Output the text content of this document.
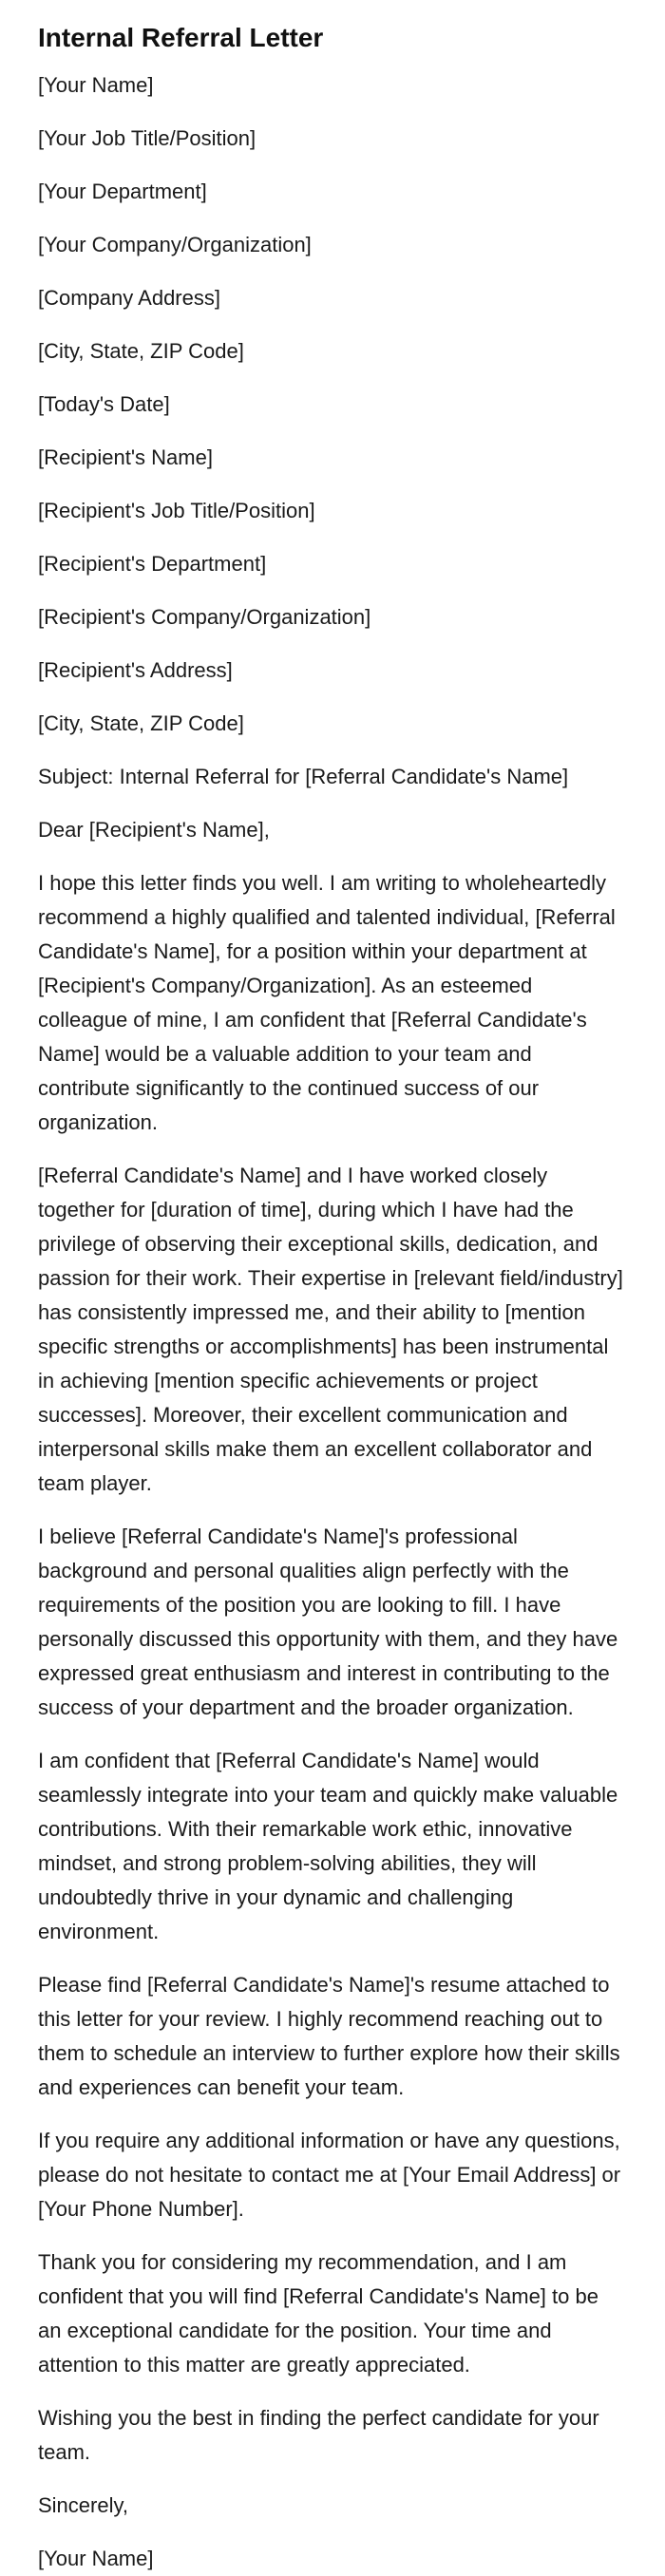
Internal Referral Letter

[Your Name]

[Your Job Title/Position]

[Your Department]

[Your Company/Organization]

[Company Address]

[City, State, ZIP Code]

[Today's Date]

[Recipient's Name]

[Recipient's Job Title/Position]

[Recipient's Department]

[Recipient's Company/Organization]

[Recipient's Address]

[City, State, ZIP Code]

Subject: Internal Referral for [Referral Candidate's Name]

Dear [Recipient's Name],

I hope this letter finds you well. I am writing to wholeheartedly recommend a highly qualified and talented individual, [Referral Candidate's Name], for a position within your department at [Recipient's Company/Organization]. As an esteemed colleague of mine, I am confident that [Referral Candidate's Name] would be a valuable addition to your team and contribute significantly to the continued success of our organization.

[Referral Candidate's Name] and I have worked closely together for [duration of time], during which I have had the privilege of observing their exceptional skills, dedication, and passion for their work. Their expertise in [relevant field/industry] has consistently impressed me, and their ability to [mention specific strengths or accomplishments] has been instrumental in achieving [mention specific achievements or project successes]. Moreover, their excellent communication and interpersonal skills make them an excellent collaborator and team player.

I believe [Referral Candidate's Name]'s professional background and personal qualities align perfectly with the requirements of the position you are looking to fill. I have personally discussed this opportunity with them, and they have expressed great enthusiasm and interest in contributing to the success of your department and the broader organization.

I am confident that [Referral Candidate's Name] would seamlessly integrate into your team and quickly make valuable contributions. With their remarkable work ethic, innovative mindset, and strong problem-solving abilities, they will undoubtedly thrive in your dynamic and challenging environment.

Please find [Referral Candidate's Name]'s resume attached to this letter for your review. I highly recommend reaching out to them to schedule an interview to further explore how their skills and experiences can benefit your team.

If you require any additional information or have any questions, please do not hesitate to contact me at [Your Email Address] or [Your Phone Number].

Thank you for considering my recommendation, and I am confident that you will find [Referral Candidate's Name] to be an exceptional candidate for the position. Your time and attention to this matter are greatly appreciated.

Wishing you the best in finding the perfect candidate for your team.

Sincerely,

[Your Name]
